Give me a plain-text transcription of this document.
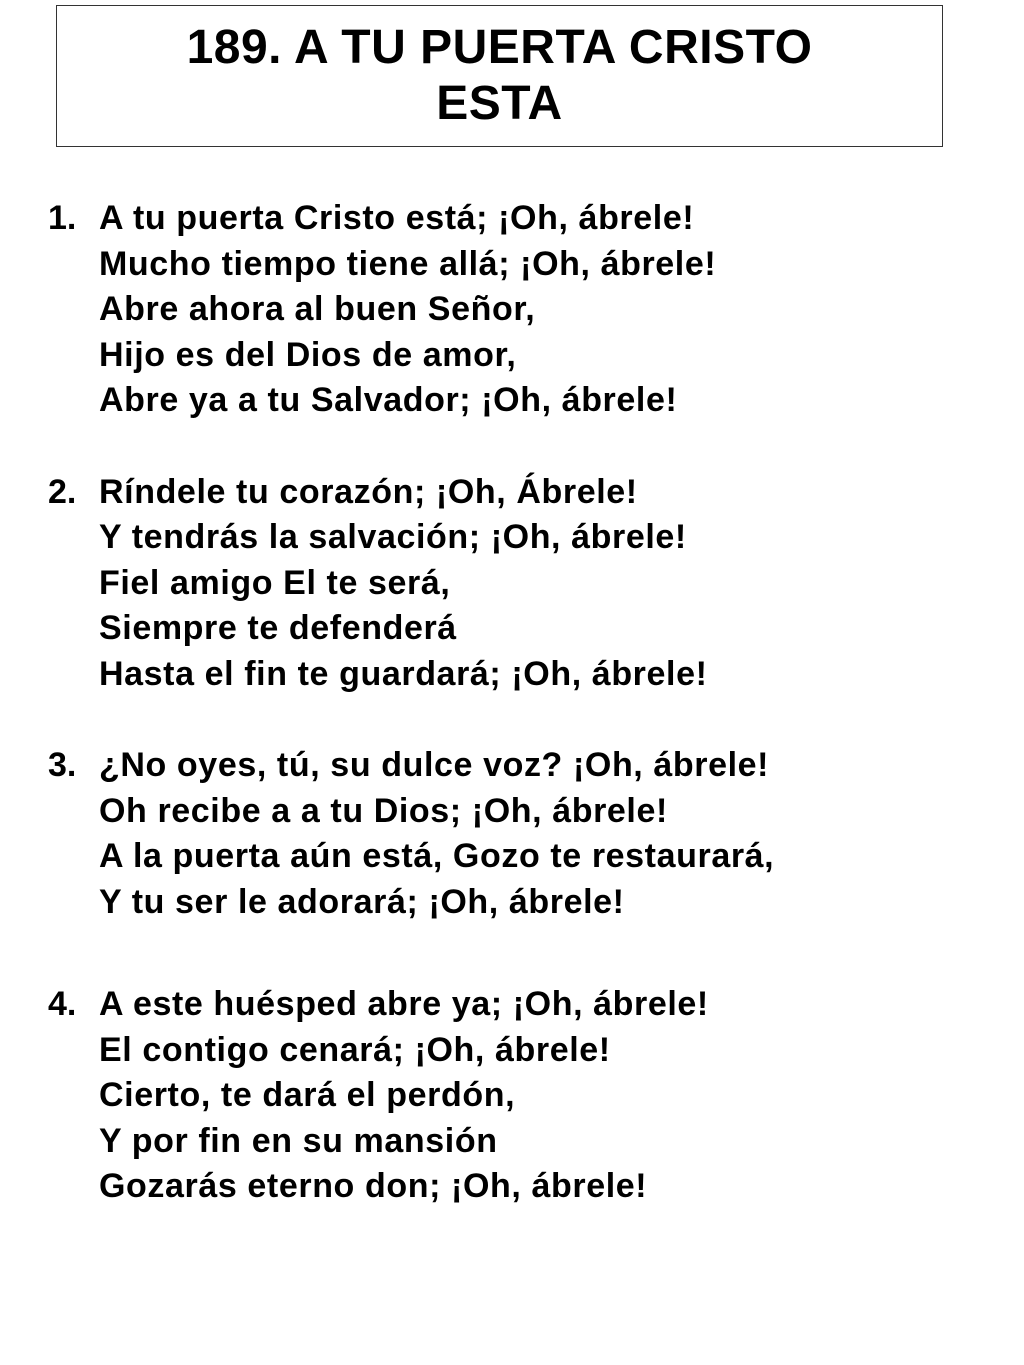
189. A TU PUERTA CRISTO
ESTA
1. A tu puerta Cristo está; ¡Oh, ábrele!
Mucho tiempo tiene allá; ¡Oh, ábrele!
Abre ahora al buen Señor,
Hijo es del Dios de amor,
Abre ya a tu Salvador; ¡Oh, ábrele!
2. Ríndele tu corazón; ¡Oh, Ábrele!
Y tendrás la salvación; ¡Oh, ábrele!
Fiel amigo El te será,
Siempre te defenderá
Hasta el fin te guardará; ¡Oh, ábrele!
3. ¿No oyes, tú, su dulce voz? ¡Oh, ábrele!
Oh recibe a a tu Dios; ¡Oh, ábrele!
A la puerta aún está, Gozo te restaurará,
Y tu ser le adorará; ¡Oh, ábrele!
4. A este huésped abre ya; ¡Oh, ábrele!
El contigo cenará; ¡Oh, ábrele!
Cierto, te dará el perdón,
Y por fin en su mansión
Gozarás eterno don; ¡Oh, ábrele!
